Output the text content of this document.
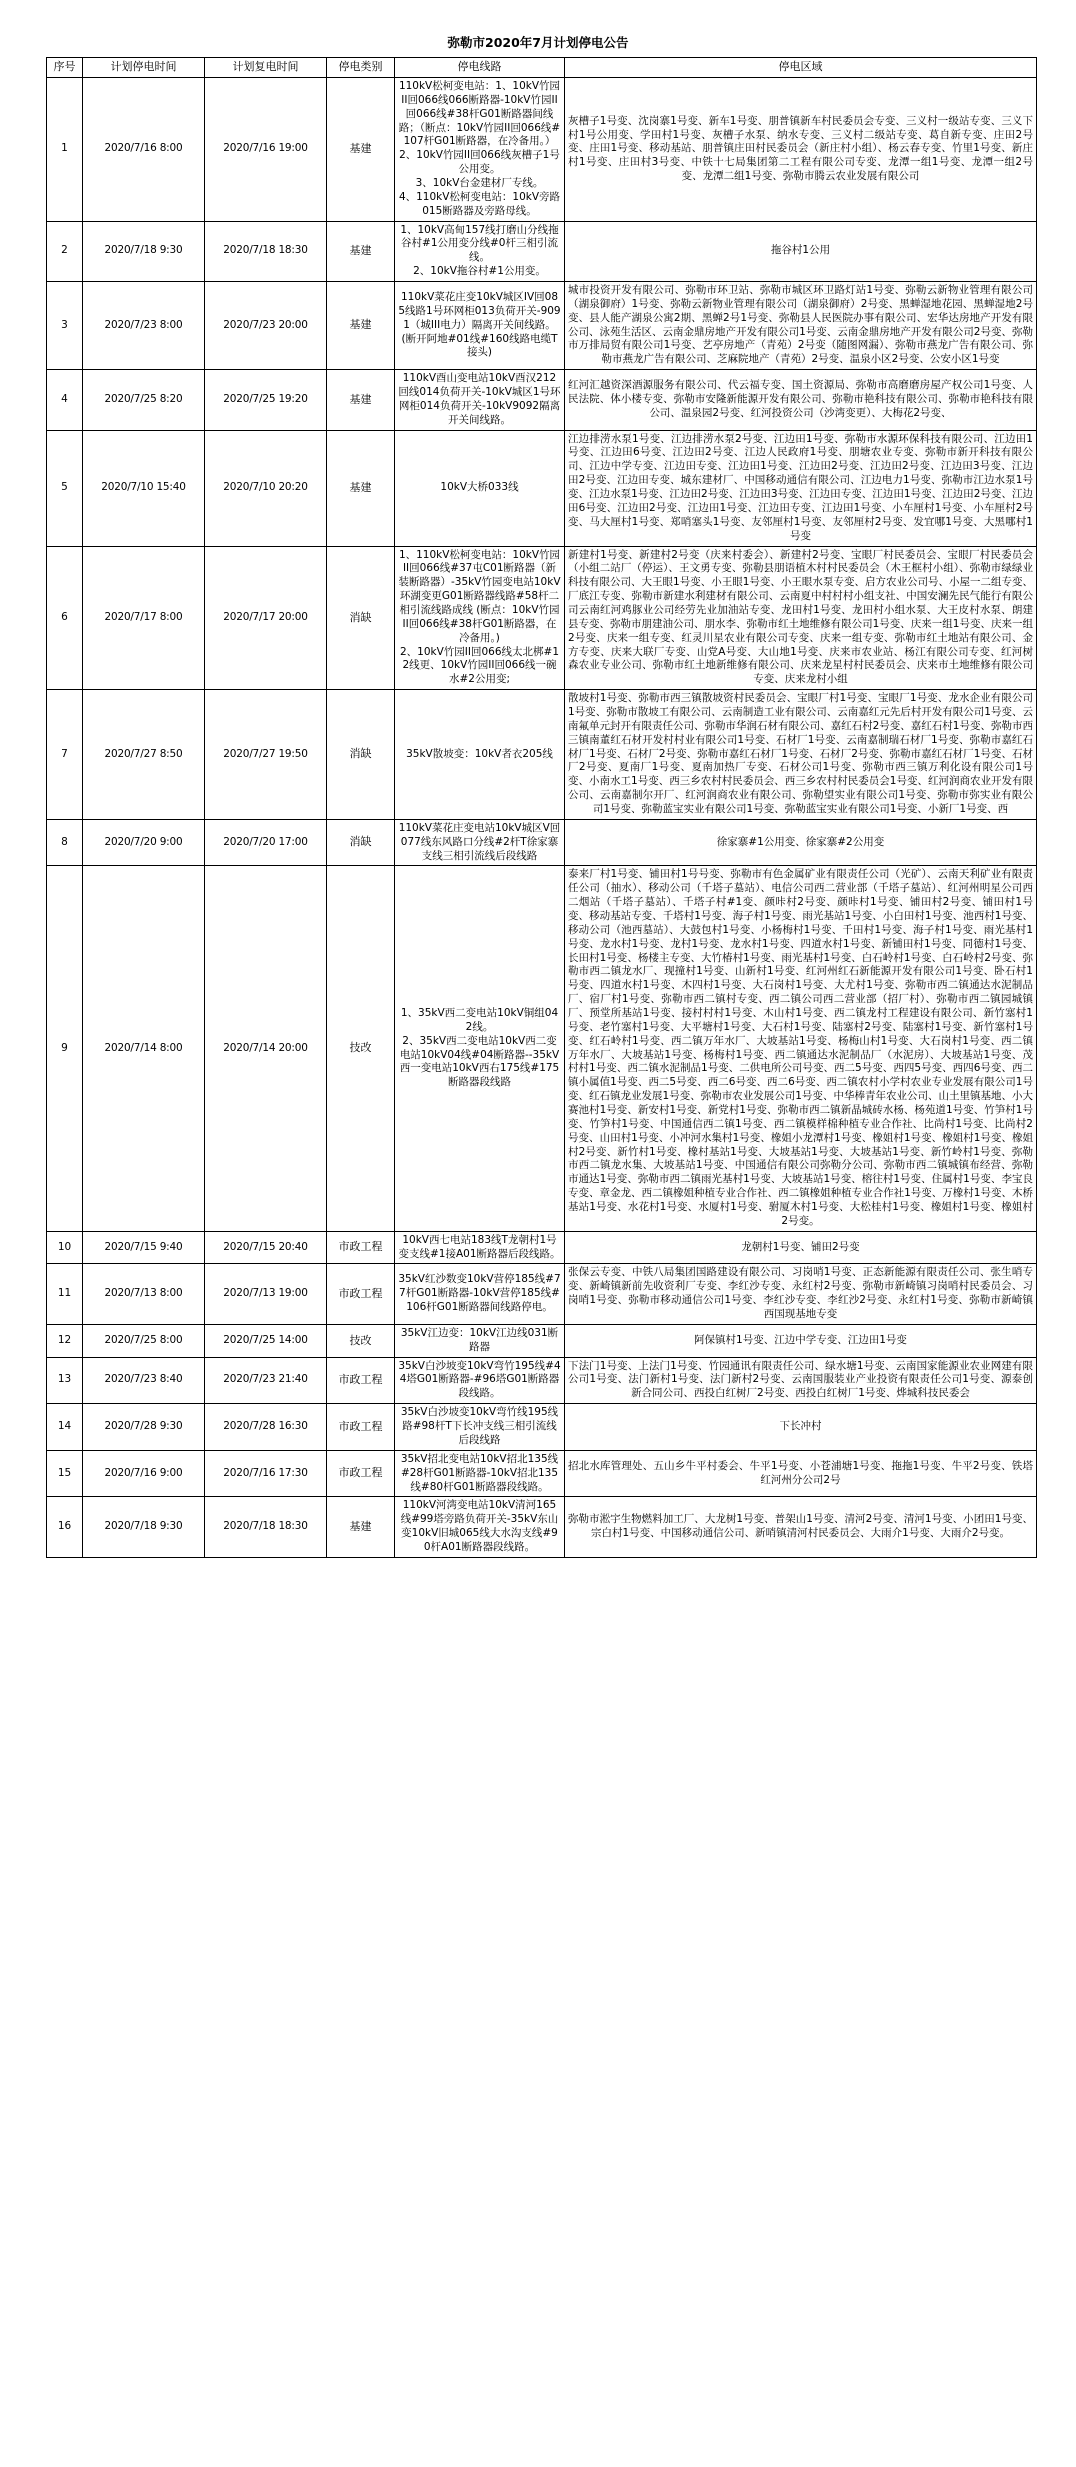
弥勒市2020年7月计划停电公告
序号	计划停电时间	计划复电时间	停电类别	停电线路	停电区域
1	2020/7/16 8:00	2020/7/16 19:00	基建	110kV松柯变电站：1、10kV竹园II回066线066断路器-10kV竹园II回066线#38杆G01断路器间线路；（断点：10kV竹园II回066线#107杆G01断路器，在冷备用。）
2、10kV竹园II回066线灰槽子1号公用变。
3、10kV台金建材厂专线。
4、110kV松柯变电站：10kV旁路015断路器及旁路母线。	灰槽子1号变、沈岗寨1号变、新车1号变、朋普镇新车村民委员会专变、三义村一级站专变、三义下村1号公用变、学田村1号变、灰槽子水泵、纳水专变、三义村二级站专变、葛自新专变、庄田2号变、庄田1号变、移动基站、朋普镇庄田村民委员会（新庄村小组）、杨云春专变、竹里1号变、新庄村1号变、庄田村3号变、中铁十七局集团第二工程有限公司专变、龙潭一组1号变、龙潭一组2号变、龙潭二组1号变、弥勒市腾云农业发展有限公司
2	2020/7/18 9:30	2020/7/18 18:30	基建	1、10kV高甸157线打磨山分线拖谷村#1公用变分线#0杆三相引流线。
2、10kV拖谷村#1公用变。	拖谷村1公用
3	2020/7/23 8:00	2020/7/23 20:00	基建	110kV菜花庄变10kV城区IV回085线路1号环网柜013负荷开关-9091（城III电力）隔离开关间线路。(断开阿地#01线#160线路电缆T接头)	城市投资开发有限公司、弥勒市环卫站、弥勒市城区环卫路灯站1号变、弥勒云新物业管理有限公司（湖泉御府）1号变、弥勒云新物业管理有限公司（湖泉御府）2号变、黑蝉湿地花园、黑蝉湿地2号变、县人能产湖泉公寓2期、黑蝉2号1号变、弥勒县人民医院办事有限公司、宏华达房地产开发有限公司、泳苑生活区、云南金鼎房地产开发有限公司1号变、云南金鼎房地产开发有限公司2号变、弥勒市万排局贸有限公司1号变、艺亭房地产（青苑）2号变（随图网漏）、弥勒市燕龙广告有限公司、弥勒市燕龙广告有限公司、芝麻院地产（青苑）2号变、温泉小区2号变、公安小区1号变
4	2020/7/25 8:20	2020/7/25 19:20	基建	110kV酉山变电站10kV酉汉212回线014负荷开关-10kV城区1号环网柜014负荷开关-10kV9092隔离开关间线路。	红河汇越资深酒源服务有限公司、代云福专变、国土资源局、弥勒市高磨磨房屋产权公司1号变、人民法院、体小楼专变、弥勒市安隆新能源开发有限公司、弥勒市艳科技有限公司、弥勒市艳科技有限公司、温泉园2号变、红河投资公司（沙湾变更）、大梅花2号变、
5	2020/7/10 15:40	2020/7/10 20:20	基建	10kV大桥033线	江边排涝水泵1号变、江边排涝水泵2号变、江边田1号变、弥勒市水源环保科技有限公司、江边田1号变、江边田6号变、江边田2号变、江边人民政府1号变、朋塘农业专变、弥勒市新开科技有限公司、江边中学专变、江边田专变、江边田1号变、江边田2号变、江边田2号变、江边田3号变、江边田2号变、江边田专变、城东建材厂、中国移动通信有限公司、江边电力1号变、弥勒市江边水泵1号变、江边水泵1号变、江边田2号变、江边田3号变、江边田专变、江边田1号变、江边田2号变、江边田6号变、江边田2号变、江边田1号变、江边田专变、江边田1号变、小车厘村1号变、小车厘村2号变、马大厘村1号变、郑哨塞头1号变、友邻厘村1号变、友邻厘村2号变、发宜哪1号变、大黑哪村1号变
6	2020/7/17 8:00	2020/7/17 20:00	消缺	1、110kV松柯变电站：10kV竹园II回066线#37屯C01断路器（新装断路器）-35kV竹园变电站10kV环湖变更G01断路器线路#58杆二相引流线路成线 (断点：10kV竹园II回066线#38杆G01断路器，在冷备用。)
2、10kV竹园II回066线太北梆#12线更、10kV竹园II回066线一碗水#2公用变;	新建村1号变、新建村2号变（庆来村委会）、新建村2号变、宝眼厂村民委员会、宝眼厂村民委员会（小组二站厂（停运）、王文勇专变、弥勒县朋语植木村村民委员会（木王框村小组）、弥勒市绿绿业科技有限公司、大王眼1号变、小王眼1号变、小王眼水泵专变、启方农业公司号、小屋一二组专变、厂底江专变、弥勒市新建水利建材有限公司、云南夏中村村村小组支社、中国安澜先民气能行有限公司云南红河鸡豚业公司经劳先业加油站专变、龙田村1号变、龙田村小组水泵、大王皮村水泵、朗建县专变、弥勒市朋建油公司、朋水李、弥勒市红土地维修有限公司1号变、庆来一组1号变、庆来一组2号变、庆来一组专变、红灵川星农业有限公司专变、庆来一组专变、弥勒市红土地站有限公司、金方专变、庆来大联厂专变、山党A号变、大山地1号变、庆来市农业站、杨江有限公司专变、红河树森农业专业公司、弥勒市红土地新维修有限公司、庆来龙星村村民委员会、庆来市土地维修有限公司专变、庆来龙村小组
7	2020/7/27 8:50	2020/7/27 19:50	消缺	35kV散坡变：10kV者衣205线	散坡村1号变、弥勒市西三镇散坡资村民委员会、宝眼厂村1号变、宝眼厂1号变、龙水企业有限公司1号变、弥勒市散坡工有限公司、云南制造工业有限公司、云南嘉红元先后村开发有限公司1号变、云南氟单元封开有限责任公司、弥勒市华润石材有限公司、嘉红石村2号变、嘉红石村1号变、弥勒市西三镇南董红石材开发村村业有限公司1号变、石材厂1号变、云南嘉制瑞石材厂1号变、弥勒市嘉红石材厂1号变、石材厂2号变、弥勒市嘉红石材厂1号变、石材厂2号变、弥勒市嘉红石材厂1号变、石材厂2号变、夏南厂1号变、夏南加热厂专变、石材公司1号变、弥勒市西三镇万利化设有限公司1号变、小南水工1号变、西三乡农村村民委员会、西三乡农村村民委员会1号变、红河润商农业开发有限公司、云南嘉制尔开厂、红河润商农业有限公司、弥勒望实业有限公司1号变、弥勒市弥实业有限公司1号变、弥勒蓝宝实业有限公司1号变、弥勒蓝宝实业有限公司1号变、小新厂1号变、西
8	2020/7/20 9:00	2020/7/20 17:00	消缺	110kV菜花庄变电站10kV城区V回077线东风路口分线#2杆T徐家寨支线三相引流线后段线路	徐家寨#1公用变、徐家寨#2公用变
9	2020/7/14 8:00	2020/7/14 20:00	技改	1、35kV西二变电站10kV铜组042线。
2、35kV西二变电站10kV西二变电站10kV04线#04断路器--35kV西一变电站10kV西右175线#175断路器段线路	泰来厂村1号变、铺田村1号号变、弥勒市有色金属矿业有限责任公司（光矿）、云南天利矿业有限责任公司（抽水）、移动公司（千塔子墓站）、电信公司西二营业部（千塔子墓站）、红河州明星公司西二烟站（千塔子墓站）、千塔子村#1变、颜咔村2号变、颜咔村1号变、铺田村2号变、铺田村1号变、移动基站专变、千塔村1号变、海子村1号变、雨光基站1号变、小白田村1号变、池西村1号变、移动公司（池西墓站）、大鼓包村1号变、小杨梅村1号变、千田村1号变、海子村1号变、雨光基村1号变、龙水村1号变、龙村1号变、龙水村1号变、四道水村1号变、新铺田村1号变、同德村1号变、长田村1号变、杨楼主专变、大竹椿村1号变、雨光基村1号变、白石岭村1号变、白石岭村2号变、弥勒市西二镇龙水厂、现撞村1号变、山新村1号变、红河州红石新能源开发有限公司1号变、卧石村1号变、四道水村1号变、木四村1号变、大石岗村1号变、大尤村1号变、弥勒市西二镇通达水泥制品厂、宿厂村1号变、弥勒市西二镇村专变、西二镇公司西二营业部（招厂村）、弥勒市西二镇园城镇厂、预堂所基站1号变、接村村村1号变、木山村1号变、西二镇龙村工程建设有限公司、新竹塞村1号变、老竹塞村1号变、大平塘村1号变、大石村1号变、陆塞村2号变、陆塞村1号变、新竹塞村1号变、红石岭村1号变、西二镇万年水厂、大坡基站1号变、杨梅山村1号变、大石岗村1号变、西二镇万年水厂、大坡基站1号变、杨梅村1号变、西二镇通达水泥制品厂（水泥房）、大坡基站1号变、茂村村1号变、西二镇水泥制品1号变、二供电所公司号变、西二5号变、西四5号变、西四6号变、西二镇小属值1号变、西二5号变、西二6号变、西二6号变、西二镇农村小学村农业专业发展有限公司1号变、红石镇龙业发展1号变、弥勒市农业发展公司1号变、中华棒青年农业公司、山土里镇基地、小大赛池村1号变、新安村1号变、新党村1号变、弥勒市西二镇新晶城砖水杨、杨苑道1号变、竹笋村1号变、竹笋村1号变、中国通信西二镇1号变、西二镇模样棉种植专业合作社、比尚村1号变、比尚村2号变、山田村1号变、小冲河水集村1号变、橡姐小龙潭村1号变、橡姐村1号变、橡姐村1号变、橡姐村2号变、新竹村1号变、橡村基站1号变、大坡基站1号变、大坡基站1号变、新竹岭村1号变、弥勒市西二镇龙水集、大坡基站1号变、中国通信有限公司弥勒分公司、弥勒市西二镇城镇布经营、弥勒市通达1号变、弥勒市西二镇雨光基村1号变、大坡基站1号变、榕往村1号变、住属村1号变、李宝良专变、章金龙、西二镇橡姐种植专业合作社、西二镇橡姐种植专业合作社1号变、万橡村1号变、木桥基站1号变、水花村1号变、水厦村1号变、驸厦木村1号变、大松桂村1号变、橡姐村1号变、橡姐村2号变。
10	2020/7/15 9:40	2020/7/15 20:40	市政工程	10kV西七电站183线T龙朝村1号变支线#1接A01断路器后段线路。	龙朝村1号变、铺田2号变
11	2020/7/13 8:00	2020/7/13 19:00	市政工程	35kV红沙数变10kV营停185线#77杆G01断路器-10kV营停185线#106杆G01断路器间线路停电。	张保云专变、中铁八局集团国路建设有限公司、习岗哨1号变、正态新能源有限责任公司、张生哨专变、新崎镇新前先收资利厂专变、李红沙专变、永红村2号变、弥勒市新崎镇习岗哨村民委员会、习岗哨1号变、弥勒市移动通信公司1号变、李红沙专变、李红沙2号变、永红村1号变、弥勒市新崎镇西国现基地专变
12	2020/7/25 8:00	2020/7/25 14:00	技改	35kV江边变：10kV江边线031断路器	阿保镇村1号变、江边中学专变、江边田1号变
13	2020/7/23 8:40	2020/7/23 21:40	市政工程	35kV白沙坡变10kV弯竹195线#44塔G01断路器-#96塔G01断路器段线路。	下法门1号变、上法门1号变、竹园通讯有限责任公司、绿水塘1号变、云南国家能源业农业网建有限公司1号变、法门新村1号变、法门新村2号变、云南国服装业产业投资有限责任公司1号变、源泰创新合同公司、西投白红树厂2号变、西投白红树厂1号变、烨城科技民委会
14	2020/7/28 9:30	2020/7/28 16:30	市政工程	35kV白沙坡变10kV弯竹线195线路#98杆T下长冲支线三相引流线后段线路	下长冲村
15	2020/7/16 9:00	2020/7/16 17:30	市政工程	35kV招北变电站10kV招北135线#28杆G01断路器-10kV招北135线#80杆G01断路器段线路。	招北水库管理处、五山乡牛平村委会、牛平1号变、小苍浦塘1号变、拖拖1号变、牛平2号变、铁塔红河州分公司2号
16	2020/7/18 9:30	2020/7/18 18:30	基建	110kV河湾变电站10kV清河165线#99塔旁路负荷开关-35kV东山变10kV旧城065线大水沟支线#90杆A01断路器段线路。	弥勒市淞宇生物燃料加工厂、大龙树1号变、普架山1号变、清河2号变、清河1号变、小团田1号变、宗白村1号变、中国移动通信公司、新哨镇清河村民委员会、大雨介1号变、大雨介2号变。
